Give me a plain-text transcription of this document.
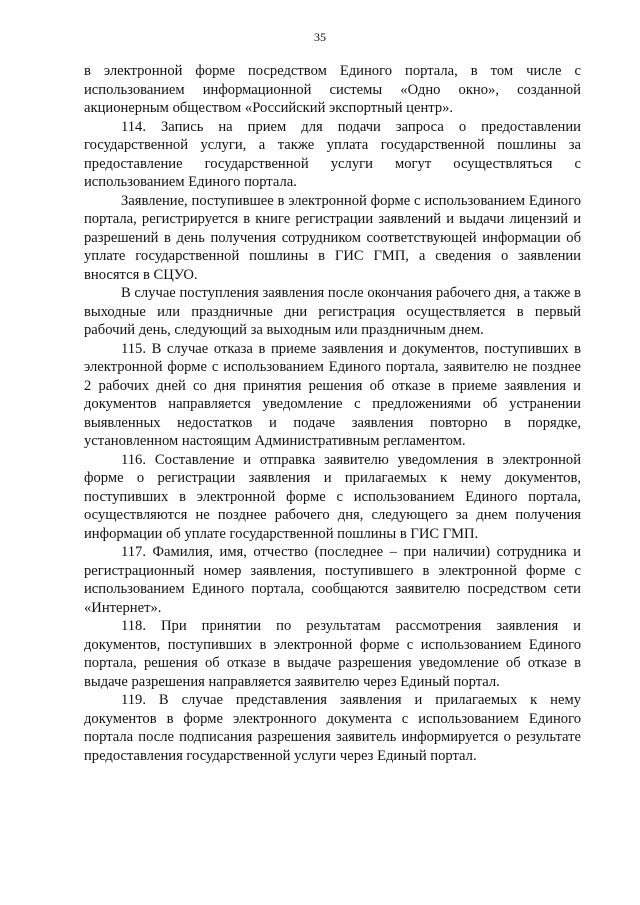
35

в электронной форме посредством Единого портала, в том числе с использованием информационной системы «Одно окно», созданной акционерным обществом «Российский экспортный центр».

114. Запись на прием для подачи запроса о предоставлении государственной услуги, а также уплата государственной пошлины за предоставление государственной услуги могут осуществляться с использованием Единого портала.

Заявление, поступившее в электронной форме с использованием Единого портала, регистрируется в книге регистрации заявлений и выдачи лицензий и разрешений в день получения сотрудником соответствующей информации об уплате государственной пошлины в ГИС ГМП, а сведения о заявлении вносятся в СЦУО.

В случае поступления заявления после окончания рабочего дня, а также в выходные или праздничные дни регистрация осуществляется в первый рабочий день, следующий за выходным или праздничным днем.

115. В случае отказа в приеме заявления и документов, поступивших в электронной форме с использованием Единого портала, заявителю не позднее 2 рабочих дней со дня принятия решения об отказе в приеме заявления и документов направляется уведомление с предложениями об устранении выявленных недостатков и подаче заявления повторно в порядке, установленном настоящим Административным регламентом.

116. Составление и отправка заявителю уведомления в электронной форме о регистрации заявления и прилагаемых к нему документов, поступивших в электронной форме с использованием Единого портала, осуществляются не позднее рабочего дня, следующего за днем получения информации об уплате государственной пошлины в ГИС ГМП.

117. Фамилия, имя, отчество (последнее – при наличии) сотрудника и регистрационный номер заявления, поступившего в электронной форме с использованием Единого портала, сообщаются заявителю посредством сети «Интернет».

118. При принятии по результатам рассмотрения заявления и документов, поступивших в электронной форме с использованием Единого портала, решения об отказе в выдаче разрешения уведомление об отказе в выдаче разрешения направляется заявителю через Единый портал.

119. В случае представления заявления и прилагаемых к нему документов в форме электронного документа с использованием Единого портала после подписания разрешения заявитель информируется о результате предоставления государственной услуги через Единый портал.
